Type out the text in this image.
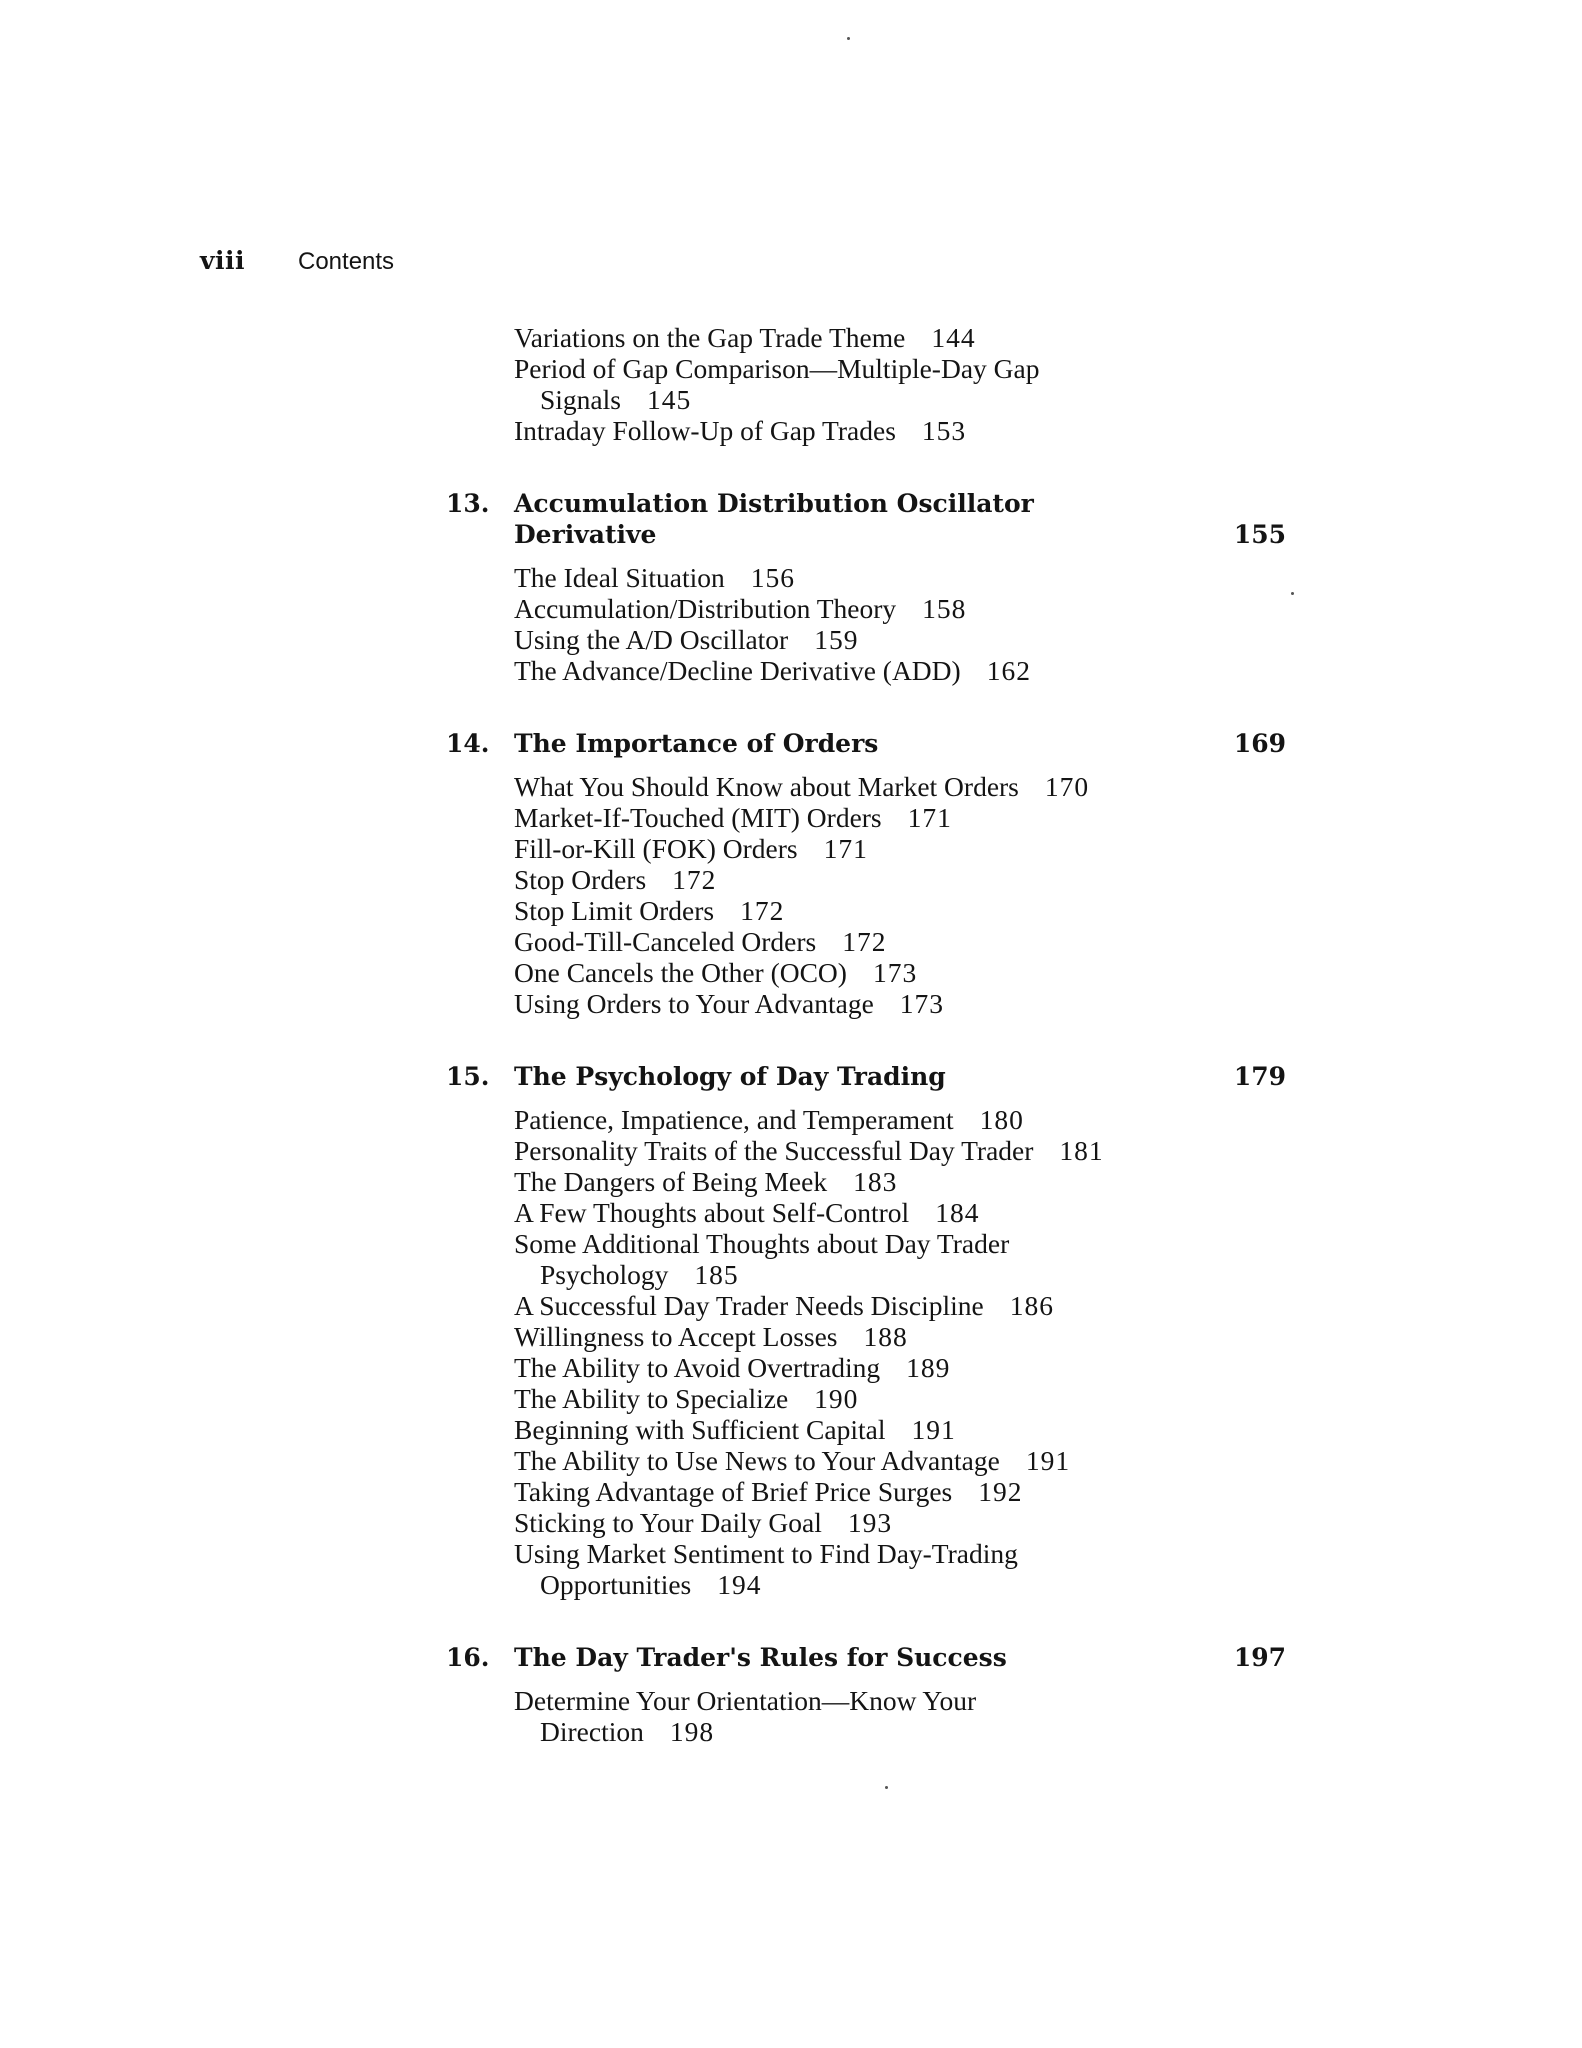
viii	Contents
Variations on the Gap Trade Theme 144
Period of Gap Comparison—Multiple-Day Gap
Signals 145
Intraday Follow-Up of Gap Trades 153
13. Accumulation Distribution Oscillator Derivative	155
The Ideal Situation 156
Accumulation/Distribution Theory 158
Using the A/D Oscillator 159
The Advance/Decline Derivative (ADD) 162
14. The Importance of Orders	169
What You Should Know about Market Orders 170
Market-If-Touched (MIT) Orders 171
Fill-or-Kill (FOK) Orders 171
Stop Orders 172
Stop Limit Orders 172
Good-Till-Canceled Orders 172
One Cancels the Other (OCO) 173
Using Orders to Your Advantage 173
15. The Psychology of Day Trading	179
Patience, Impatience, and Temperament 180
Personality Traits of the Successful Day Trader 181
The Dangers of Being Meek 183
A Few Thoughts about Self-Control 184
Some Additional Thoughts about Day Trader
Psychology 185
A Successful Day Trader Needs Discipline 186
Willingness to Accept Losses 188
The Ability to Avoid Overtrading 189
The Ability to Specialize 190
Beginning with Sufficient Capital 191
The Ability to Use News to Your Advantage 191
Taking Advantage of Brief Price Surges 192
Sticking to Your Daily Goal 193
Using Market Sentiment to Find Day-Trading
Opportunities 194
16. The Day Trader's Rules for Success	197
Determine Your Orientation—Know Your
Direction 198
